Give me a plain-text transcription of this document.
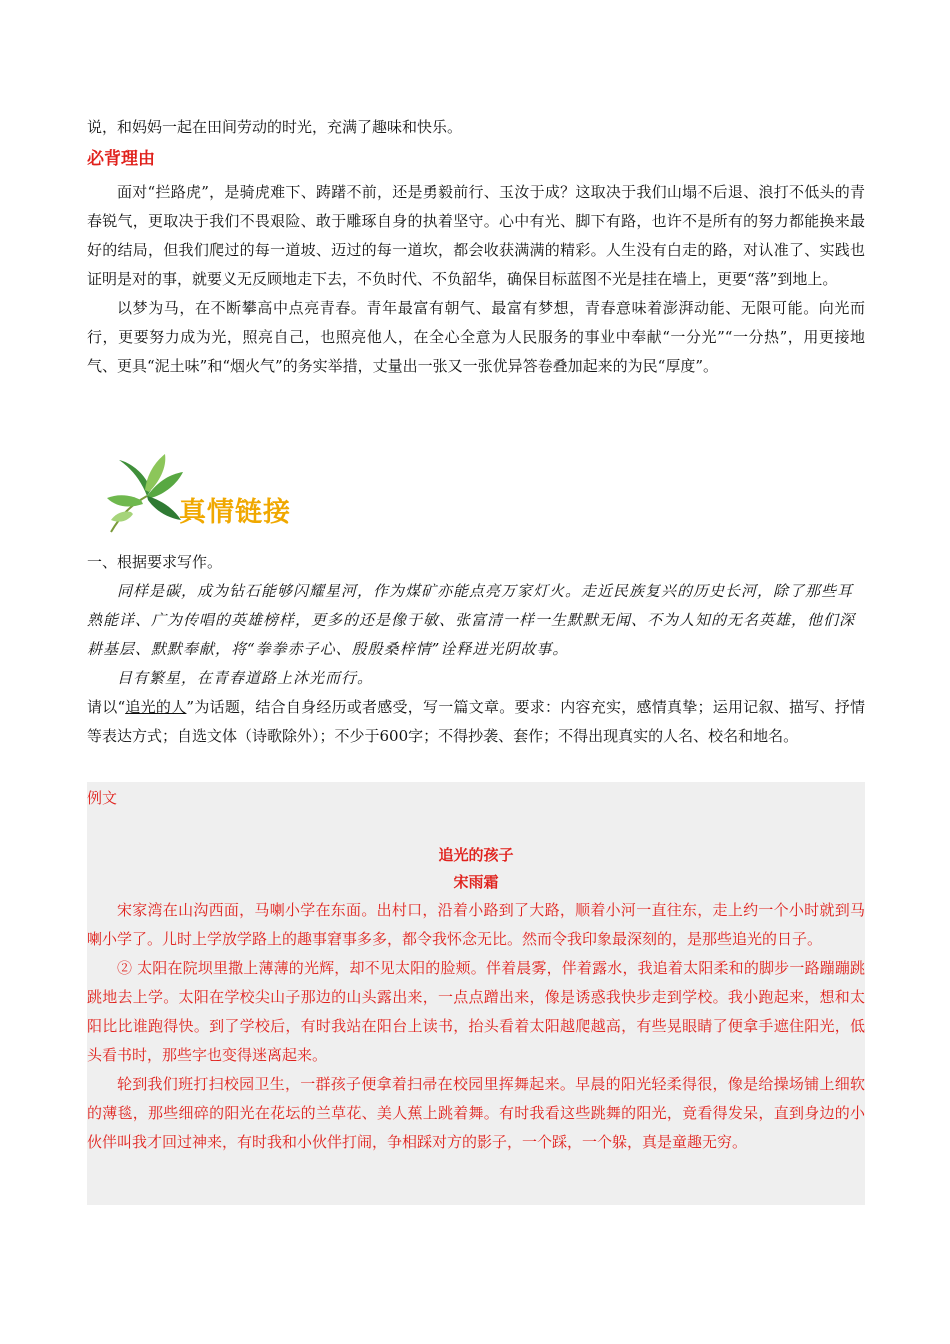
说，和妈妈一起在田间劳动的时光，充满了趣味和快乐。

必背理由

面对“拦路虎”，是骑虎难下、踌躇不前，还是勇毅前行、玉汝于成？这取决于我们山塌不后退、浪打不低头的青春锐气，更取决于我们不畏艰险、敢于雕琢自身的执着坚守。心中有光、脚下有路，也许不是所有的努力都能换来最好的结局，但我们爬过的每一道坡、迈过的每一道坎，都会收获满满的精彩。人生没有白走的路，对认准了、实践也证明是对的事，就要义无反顾地走下去，不负时代、不负韶华，确保目标蓝图不光是挂在墙上，更要“落”到地上。

以梦为马，在不断攀高中点亮青春。青年最富有朝气、最富有梦想，青春意味着澎湃动能、无限可能。向光而行，更要努力成为光，照亮自己，也照亮他人，在全心全意为人民服务的事业中奉献“一分光”“一分热”，用更接地气、更具“泥土味”和“烟火气”的务实举措，丈量出一张又一张优异答卷叠加起来的为民“厚度”。

真情链接

一、根据要求写作。

同样是碳，成为钻石能够闪耀星河，作为煤矿亦能点亮万家灯火。走近民族复兴的历史长河，除了那些耳熟能详、广为传唱的英雄榜样，更多的还是像于敏、张富清一样一生默默无闻、不为人知的无名英雄，他们深耕基层、默默奉献，将“拳拳赤子心、殷殷桑梓情”诠释进光阴故事。

目有繁星，在青春道路上沐光而行。

请以“追光的人”为话题，结合自身经历或者感受，写一篇文章。要求：内容充实，感情真挚；运用记叙、描写、抒情等表达方式；自选文体（诗歌除外）；不少于600字；不得抄袭、套作；不得出现真实的人名、校名和地名。

例文

追光的孩子

宋雨霜

宋家湾在山沟西面，马喇小学在东面。出村口，沿着小路到了大路，顺着小河一直往东，走上约一个小时就到马喇小学了。儿时上学放学路上的趣事窘事多多，都令我怀念无比。然而令我印象最深刻的，是那些追光的日子。

② 太阳在院坝里撒上薄薄的光辉，却不见太阳的脸颊。伴着晨雾，伴着露水，我追着太阳柔和的脚步一路蹦蹦跳跳地去上学。太阳在学校尖山子那边的山头露出来，一点点蹭出来，像是诱惑我快步走到学校。我小跑起来，想和太阳比比谁跑得快。到了学校后，有时我站在阳台上读书，抬头看着太阳越爬越高，有些晃眼睛了便拿手遮住阳光，低头看书时，那些字也变得迷离起来。

轮到我们班打扫校园卫生，一群孩子便拿着扫帚在校园里挥舞起来。早晨的阳光轻柔得很，像是给操场铺上细软的薄毯，那些细碎的阳光在花坛的兰草花、美人蕉上跳着舞。有时我看这些跳舞的阳光，竟看得发呆，直到身边的小伙伴叫我才回过神来，有时我和小伙伴打闹，争相踩对方的影子，一个踩，一个躲，真是童趣无穷。
